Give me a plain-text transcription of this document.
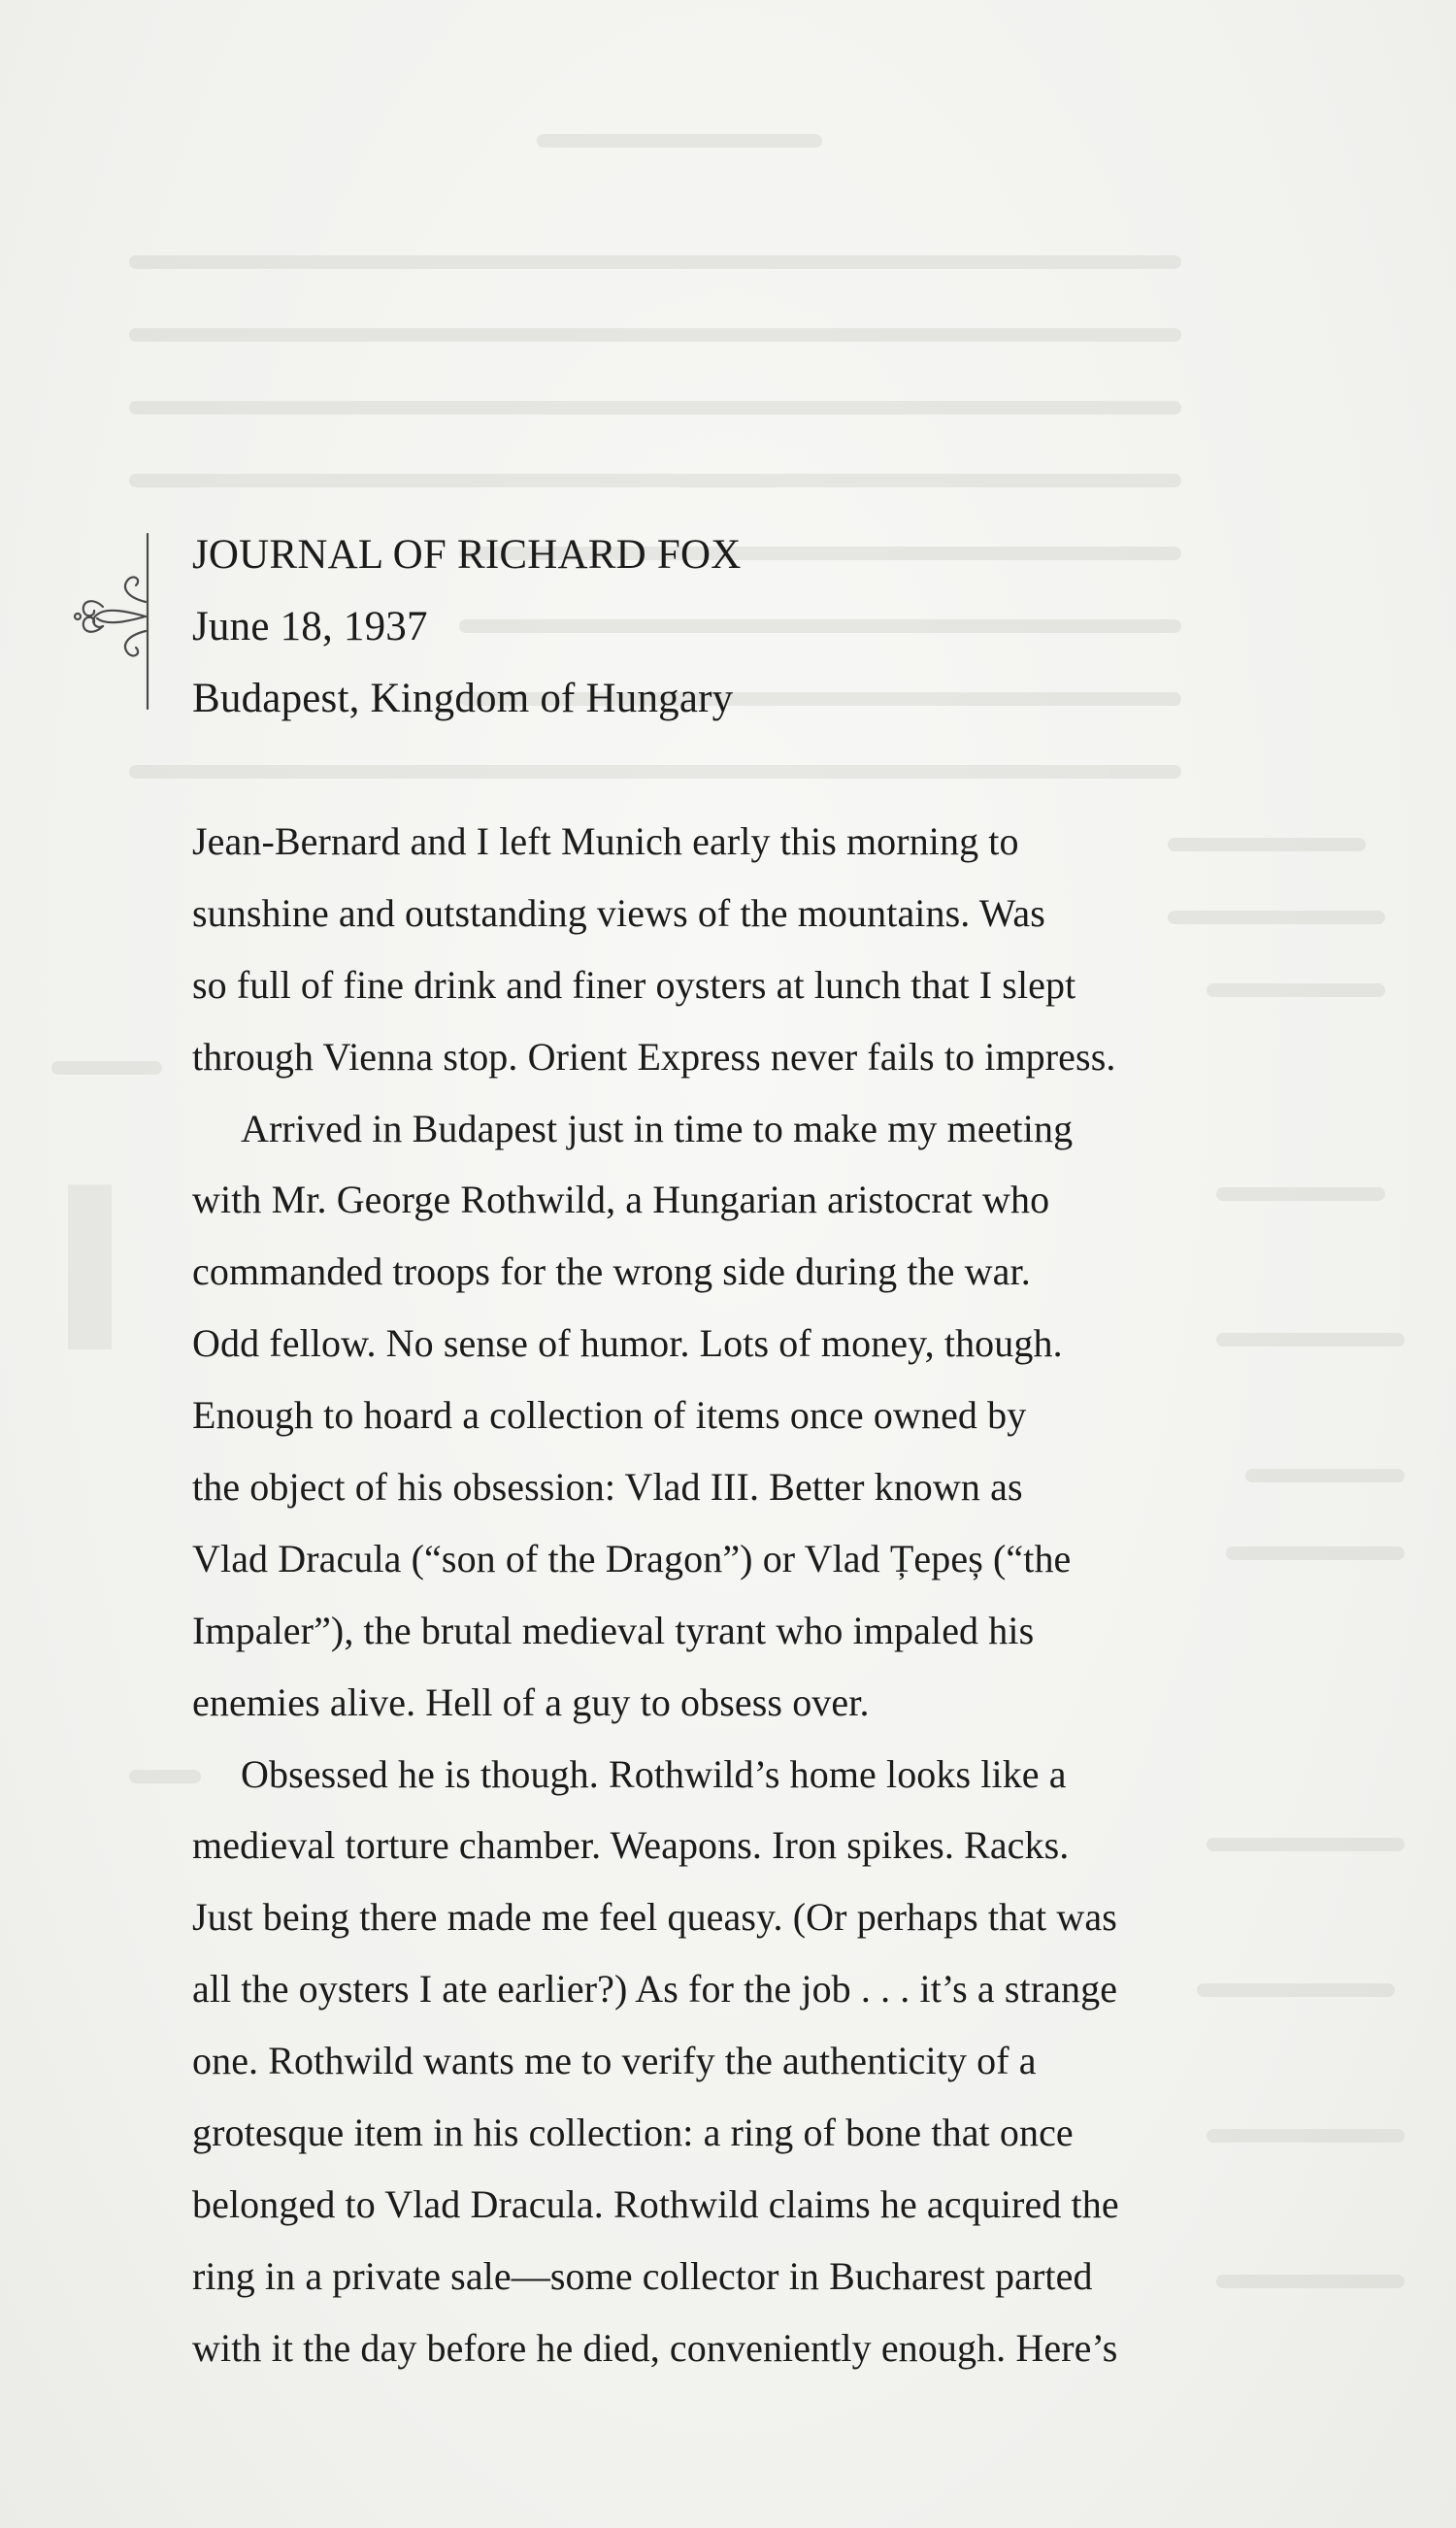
JOURNAL OF RICHARD FOX
June 18, 1937
Budapest, Kingdom of Hungary
Jean-Bernard and I left Munich early this morning to
sunshine and outstanding views of the mountains. Was
so full of fine drink and finer oysters at lunch that I slept
through Vienna stop. Orient Express never fails to impress.
Arrived in Budapest just in time to make my meeting
with Mr. George Rothwild, a Hungarian aristocrat who
commanded troops for the wrong side during the war.
Odd fellow. No sense of humor. Lots of money, though.
Enough to hoard a collection of items once owned by
the object of his obsession: Vlad III. Better known as
Vlad Dracula (“son of the Dragon”) or Vlad Țepeș (“the
Impaler”), the brutal medieval tyrant who impaled his
enemies alive. Hell of a guy to obsess over.
Obsessed he is though. Rothwild’s home looks like a
medieval torture chamber. Weapons. Iron spikes. Racks.
Just being there made me feel queasy. (Or perhaps that was
all the oysters I ate earlier?) As for the job . . . it’s a strange
one. Rothwild wants me to verify the authenticity of a
grotesque item in his collection: a ring of bone that once
belonged to Vlad Dracula. Rothwild claims he acquired the
ring in a private sale—some collector in Bucharest parted
with it the day before he died, conveniently enough. Here’s
